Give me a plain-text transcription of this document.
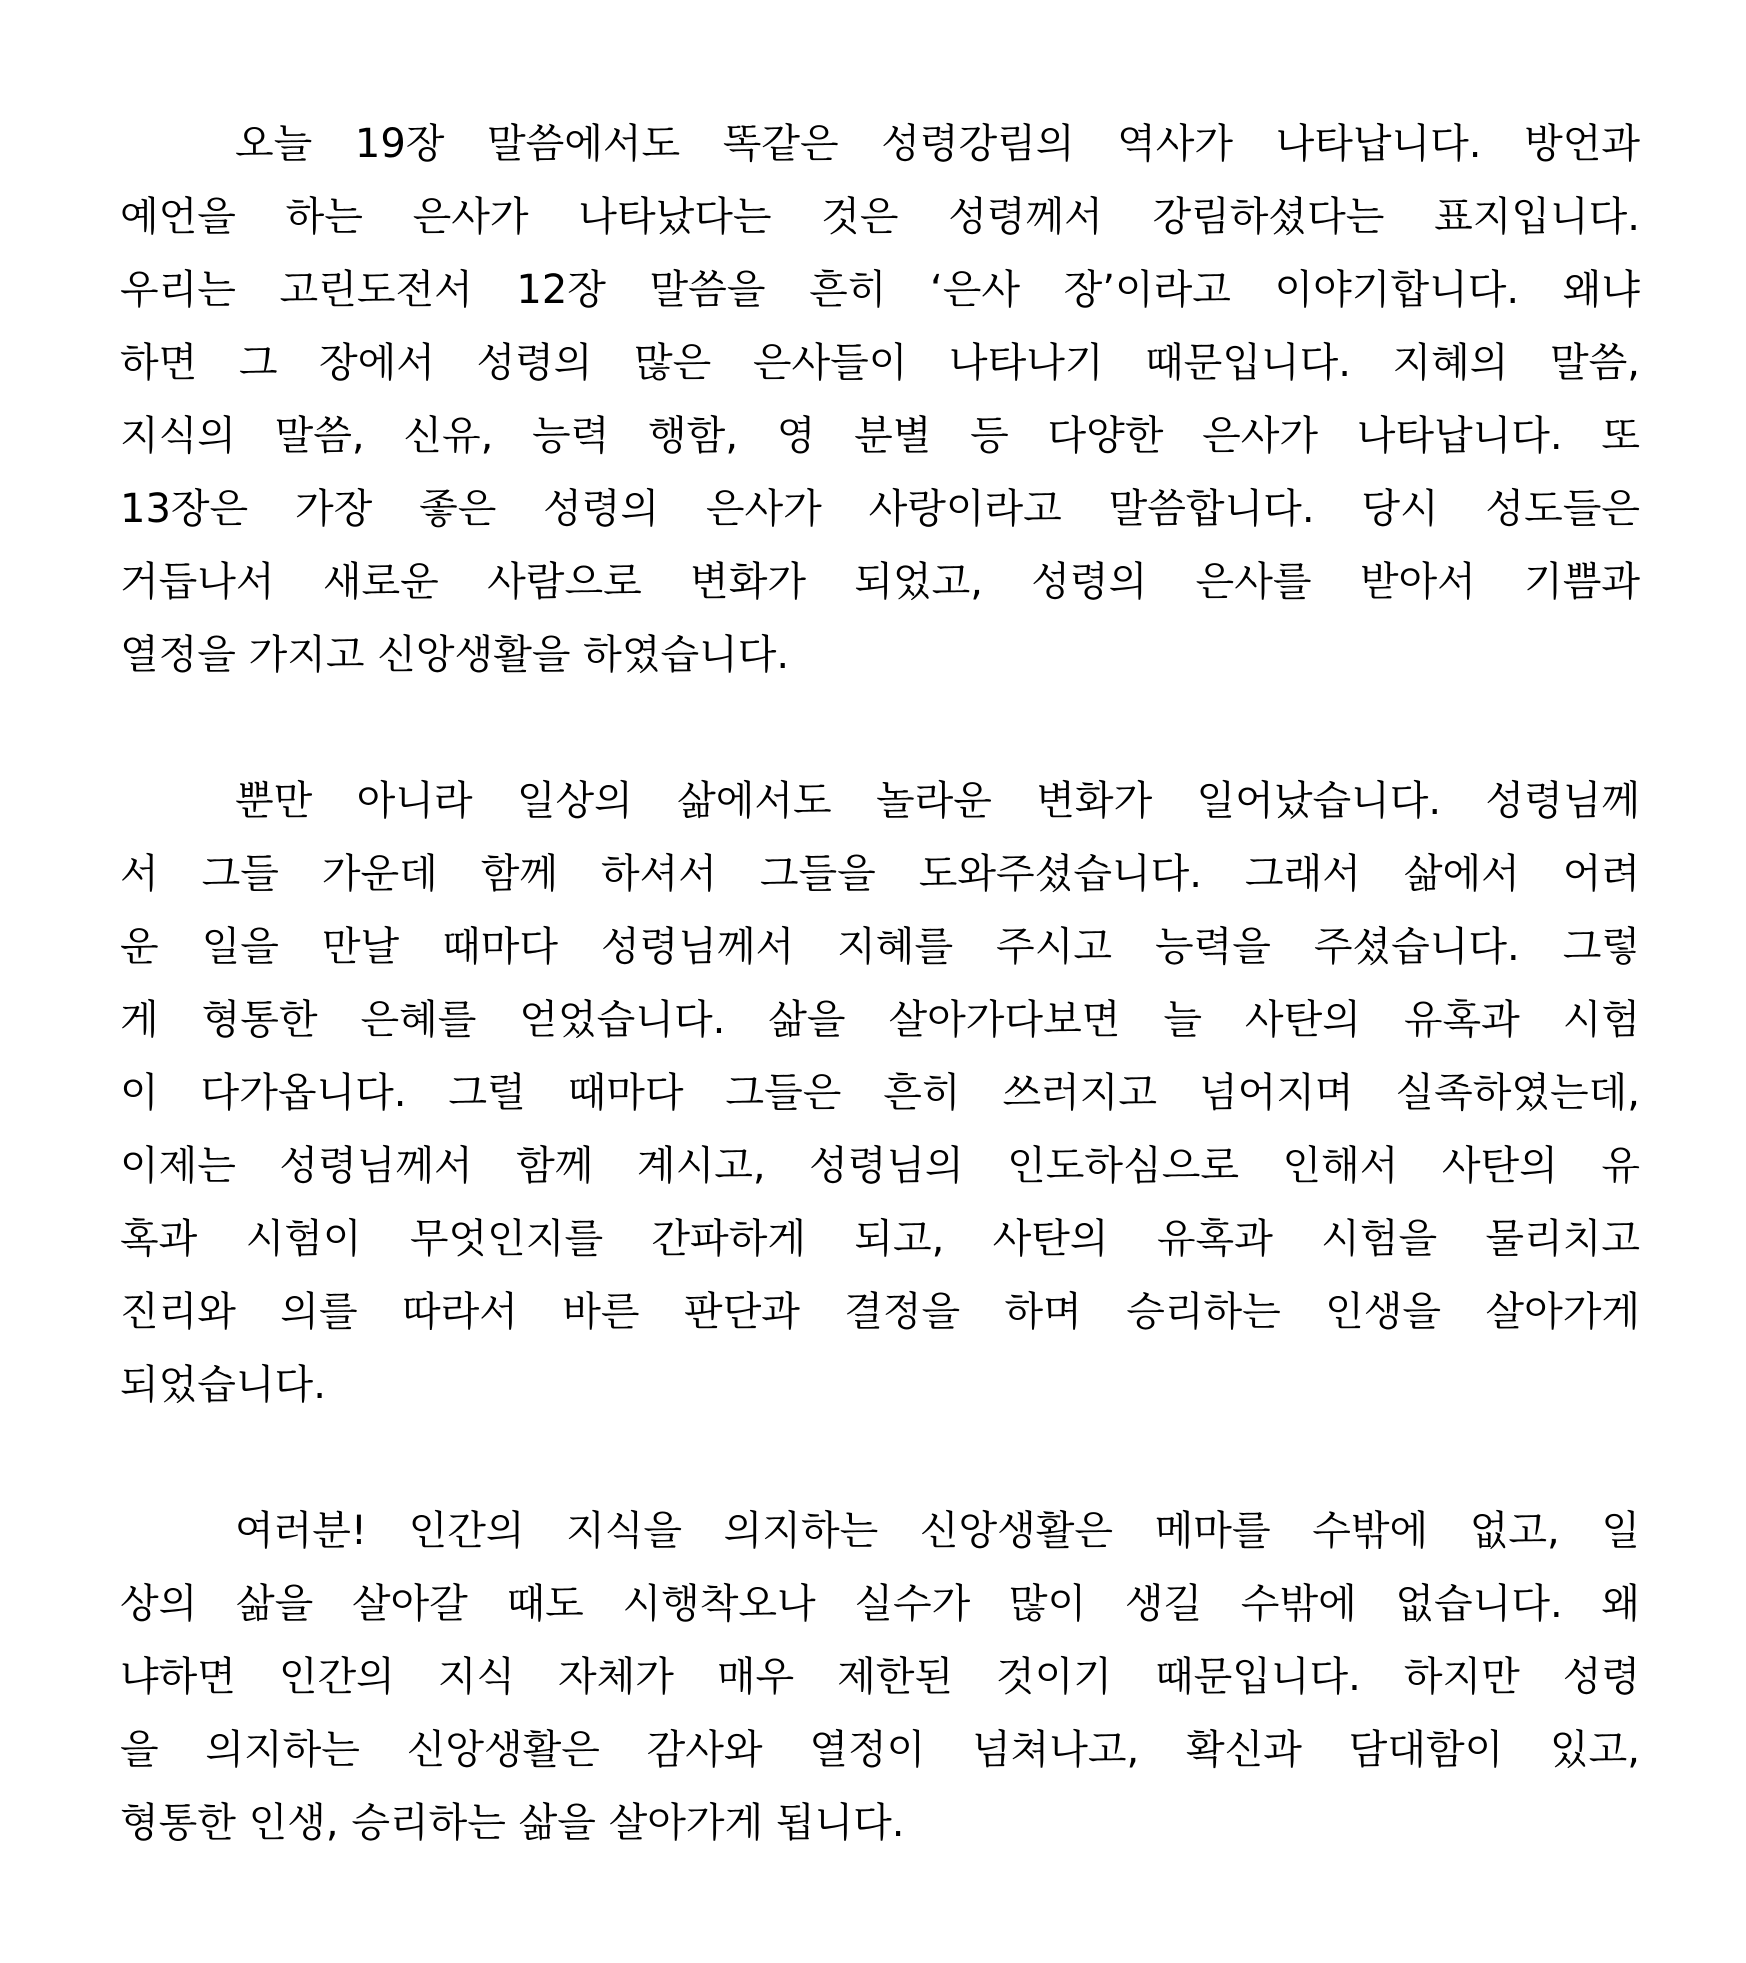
오늘 19장 말씀에서도 똑같은 성령강림의 역사가 나타납니다. 방언과
예언을 하는 은사가 나타났다는 것은 성령께서 강림하셨다는 표지입니다.
우리는 고린도전서 12장 말씀을 흔히 ‘은사 장’이라고 이야기합니다. 왜냐
하면 그 장에서 성령의 많은 은사들이 나타나기 때문입니다. 지혜의 말씀,
지식의 말씀, 신유, 능력 행함, 영 분별 등 다양한 은사가 나타납니다. 또
13장은 가장 좋은 성령의 은사가 사랑이라고 말씀합니다. 당시 성도들은
거듭나서 새로운 사람으로 변화가 되었고, 성령의 은사를 받아서 기쁨과
열정을 가지고 신앙생활을 하였습니다.

뿐만 아니라 일상의 삶에서도 놀라운 변화가 일어났습니다. 성령님께
서 그들 가운데 함께 하셔서 그들을 도와주셨습니다. 그래서 삶에서 어려
운 일을 만날 때마다 성령님께서 지혜를 주시고 능력을 주셨습니다. 그렇
게 형통한 은혜를 얻었습니다. 삶을 살아가다보면 늘 사탄의 유혹과 시험
이 다가옵니다. 그럴 때마다 그들은 흔히 쓰러지고 넘어지며 실족하였는데,
이제는 성령님께서 함께 계시고, 성령님의 인도하심으로 인해서 사탄의 유
혹과 시험이 무엇인지를 간파하게 되고, 사탄의 유혹과 시험을 물리치고
진리와 의를 따라서 바른 판단과 결정을 하며 승리하는 인생을 살아가게
되었습니다.

여러분! 인간의 지식을 의지하는 신앙생활은 메마를 수밖에 없고, 일
상의 삶을 살아갈 때도 시행착오나 실수가 많이 생길 수밖에 없습니다. 왜
냐하면 인간의 지식 자체가 매우 제한된 것이기 때문입니다. 하지만 성령
을 의지하는 신앙생활은 감사와 열정이 넘쳐나고, 확신과 담대함이 있고,
형통한 인생, 승리하는 삶을 살아가게 됩니다.
